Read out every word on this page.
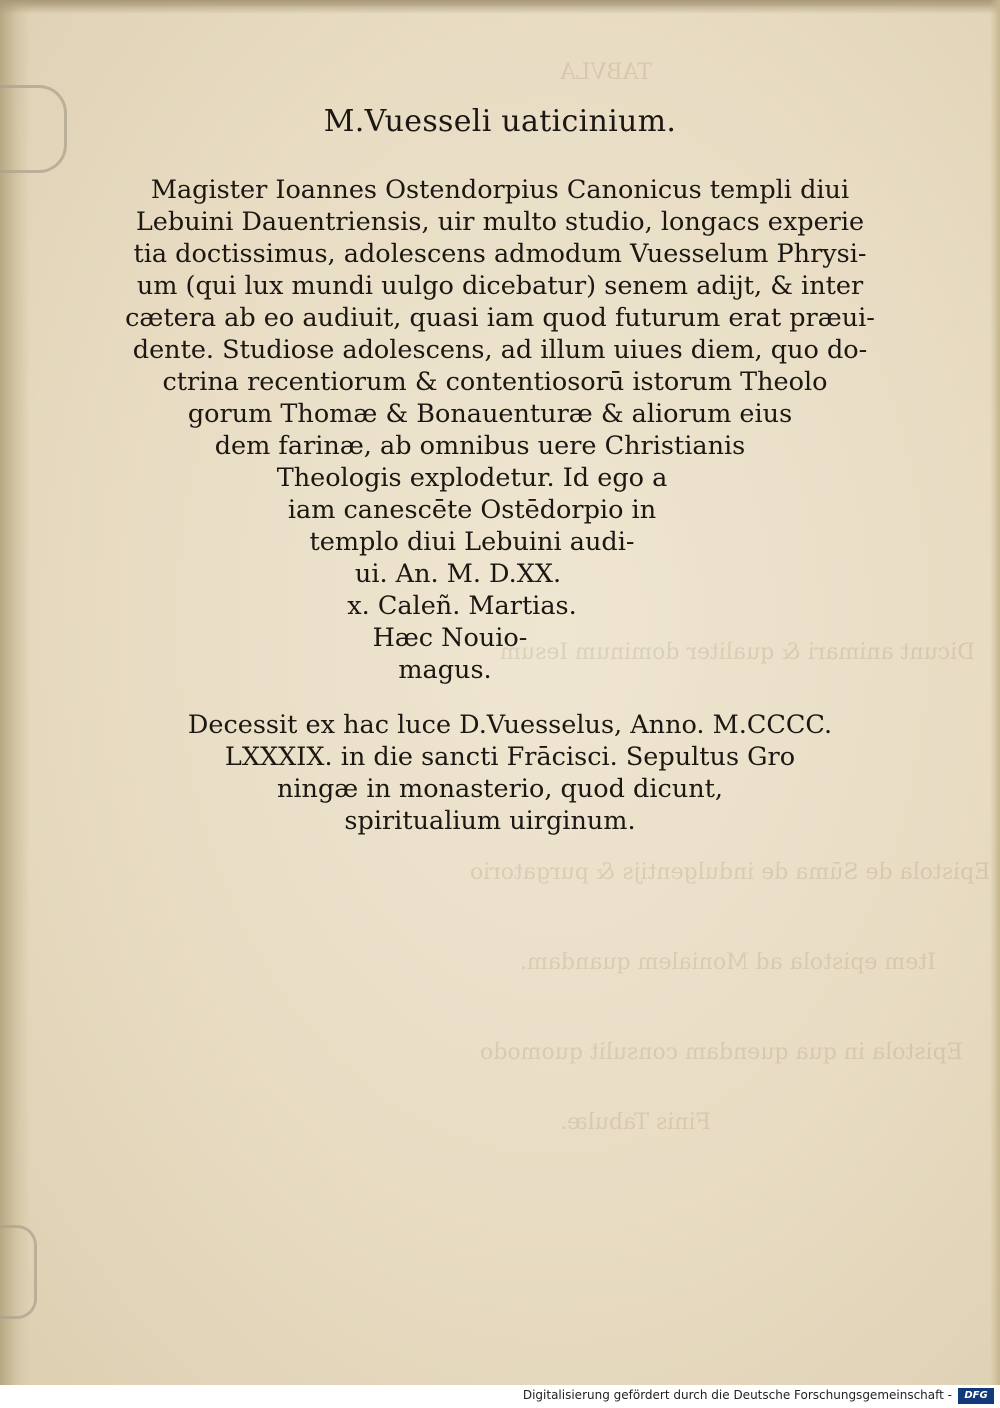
TABVLA
Dicunt animari & qualiter dominum Iesum
Epistola de Sūma de indulgentijs & purgatorio
Item epistola ad Monialem quandam.
Epistola in qua quendam consulit quomodo
Finis Tabulæ.
M.Vuesseli uaticinium.
Magister Ioannes Ostendorpius Canonicus templi diui
Lebuini Dauentriensis, uir multo studio, longacs experie
tia doctissimus, adolescens admodum Vuesselum Phrysi-
um (qui lux mundi uulgo dicebatur) senem adijt, & inter
cætera ab eo audiuit, quasi iam quod futurum erat præui-
dente. Studiose adolescens, ad illum uiues diem, quo do-
ctrina recentiorum & contentiosorū istorum Theolo
gorum Thomæ & Bonauenturæ & aliorum eius
dem farinæ, ab omnibus uere Christianis
Theologis explodetur. Id ego a
iam canescēte Ostēdorpio in
templo diui Lebuini audi-
ui. An. M. D.XX.
x. Caleñ. Martias.
Hæc Nouio-
magus.
Decessit ex hac luce D.Vuesselus, Anno. M.CCCC.
LXXXIX. in die sancti Frācisci. Sepultus Gro
ningæ in monasterio, quod dicunt,
spiritualium uirginum.
Digitalisierung gefördert durch die Deutsche Forschungsgemeinschaft -	DFG
